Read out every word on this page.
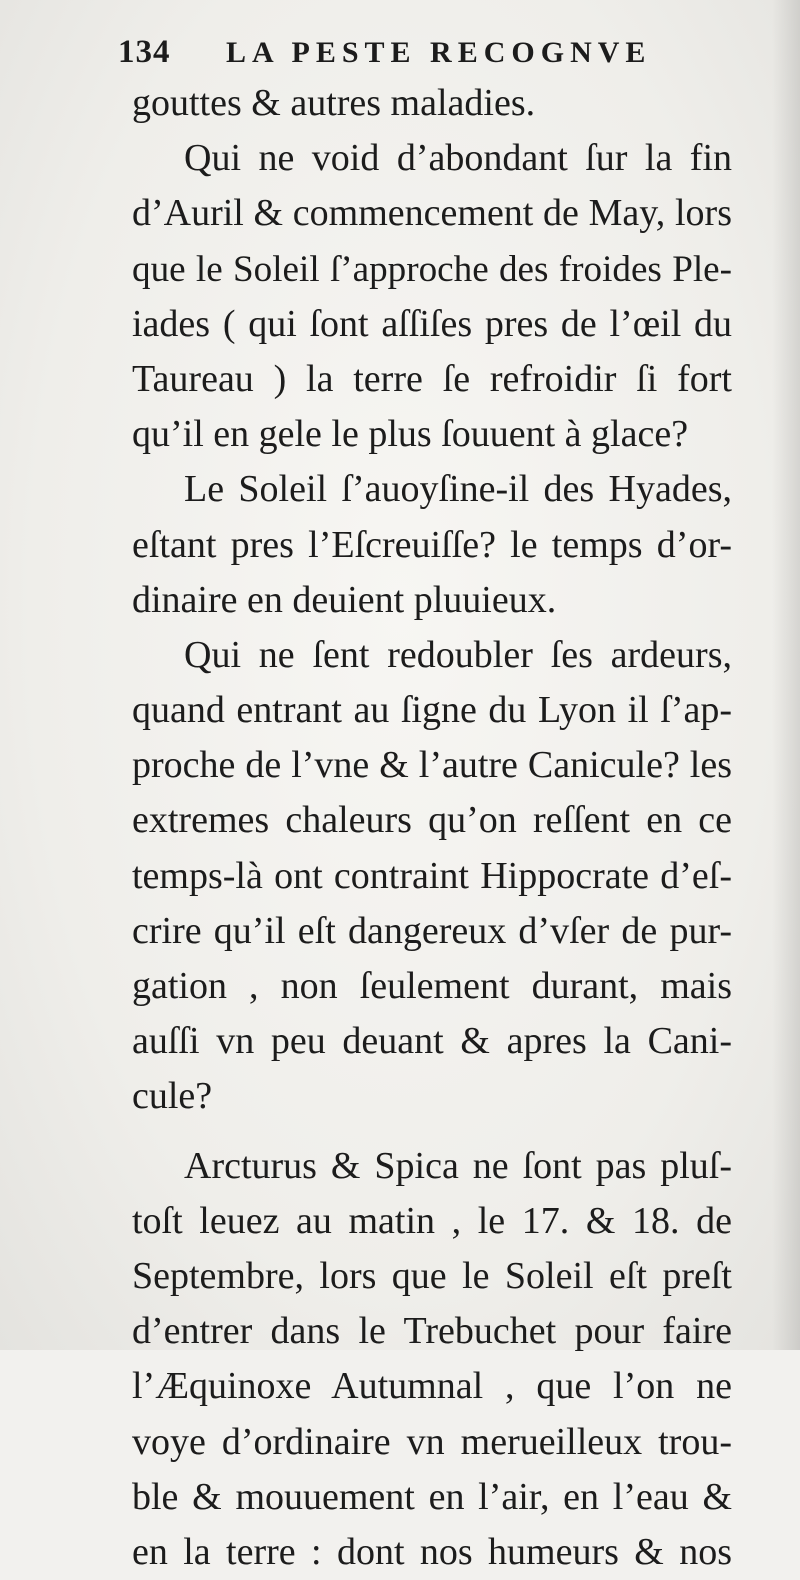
134 LA PESTE RECOGNVE
gouttes & autres maladies.
Qui ne void d’abondant ſur la fin
d’Auril & commencement de May, lors
que le Soleil ſ’approche des froides Ple-
iades ( qui ſont aſſiſes pres de l’œil du
Taureau ) la terre ſe refroidir ſi fort
qu’il en gele le plus ſouuent à glace?
Le Soleil ſ’auoyſine-il des Hyades,
eſtant pres l’Eſcreuiſſe? le temps d’or-
dinaire en deuient pluuieux.
Qui ne ſent redoubler ſes ardeurs,
quand entrant au ſigne du Lyon il ſ’ap-
proche de l’vne & l’autre Canicule? les
extremes chaleurs qu’on reſſent en ce
temps-là ont contraint Hippocrate d’eſ-
crire qu’il eſt dangereux d’vſer de pur-
gation , non ſeulement durant, mais
auſſi vn peu deuant & apres la Cani-
cule?
Arcturus & Spica ne ſont pas pluſ-
toſt leuez au matin , le 17. & 18. de
Septembre, lors que le Soleil eſt preſt
d’entrer dans le Trebuchet pour faire
l’Æquinoxe Autumnal , que l’on ne
voye d’ordinaire vn merueilleux trou-
ble & mouuement en l’air, en l’eau &
en la terre : dont nos humeurs & nos
